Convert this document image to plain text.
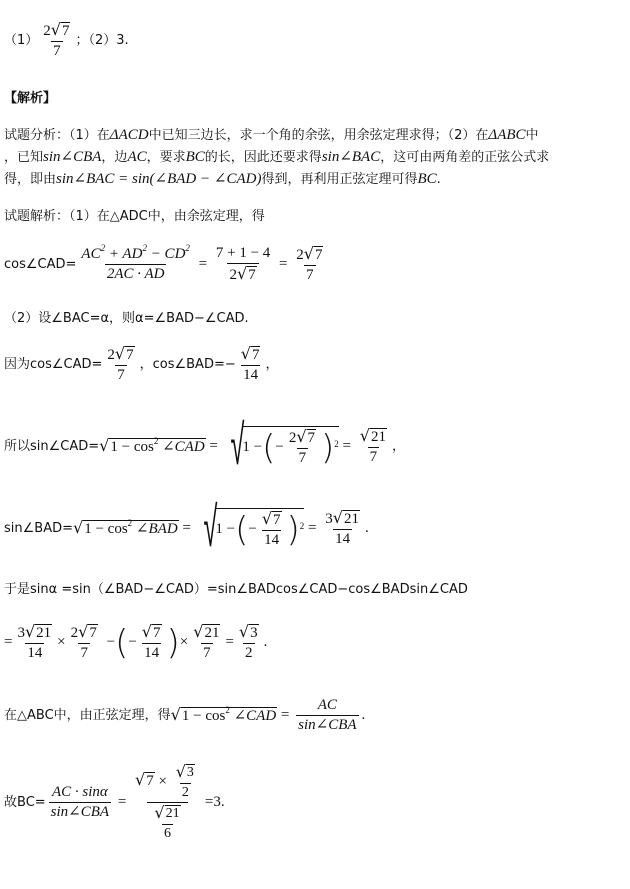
$(1) \frac{2 √ 7}{7}$ ；（2）3.
【解析】
试题分析：（1）在ΔACD中已知三边长，求一个角的余弦，用余弦定理求得；（2）在ΔABC中
，已知sin∠CBA，边AC，要求BC的长，因此还要求得sin∠BAC，这可由两角差的正弦公式求
得，即由sin∠BAC = sin(∠BAD − ∠CAD)得到，再利用正弦定理可得BC.
试题解析：（1）在△ADC中，由余弦定理，得
cos∠CAD= $\frac{AC^2 + AD^2 - CD^2}{2AC \cdot AD} = \frac{7 + 1 - 4}{2 √ 7} = \frac{2 √ 7}{7}$
（2）设∠BAC=α，则α=∠BAD−∠CAD.
因为cos∠CAD= $\frac{2 √ 7}{7}$ ，cos∠BAD=− $\frac{√ 7}{14}$ ，
所以sin∠CAD= √ $1 - \cos^2$ ∠CAD = √
1 − ( − $\frac{2 √ 7}{7}$ ) $2 = \frac{√ 21}{7}$ ，
sin∠BAD= √ $1 - \cos^2$ ∠BAD = √
1 − ( − $\frac{√ 7}{14}$ ) $2 = \frac{3 √ 21}{14}$ .
于是sinα =sin（∠BAD−∠CAD）=sin∠BADcos∠CAD−cos∠BADsin∠CAD
= $\frac{3 √ 21}{14} \times \frac{2 √ 7}{7}$ − ( − $\frac{√ 7}{14}$ ) × $\frac{√ 21}{7} = \frac{√ 3}{2}$ .
在△ABC中，由正弦定理，得 √ $1 - \cos^2$ ∠CAD = $\frac{AC}{\text{sin∠CBA}}$ .
故$BC= \frac{AC \cdot \sin\alpha}{\text{sin∠CBA}} = \frac{√ 7 \times \frac{√ 3}{2}}{\frac{√ 21}{6}} =3$.
